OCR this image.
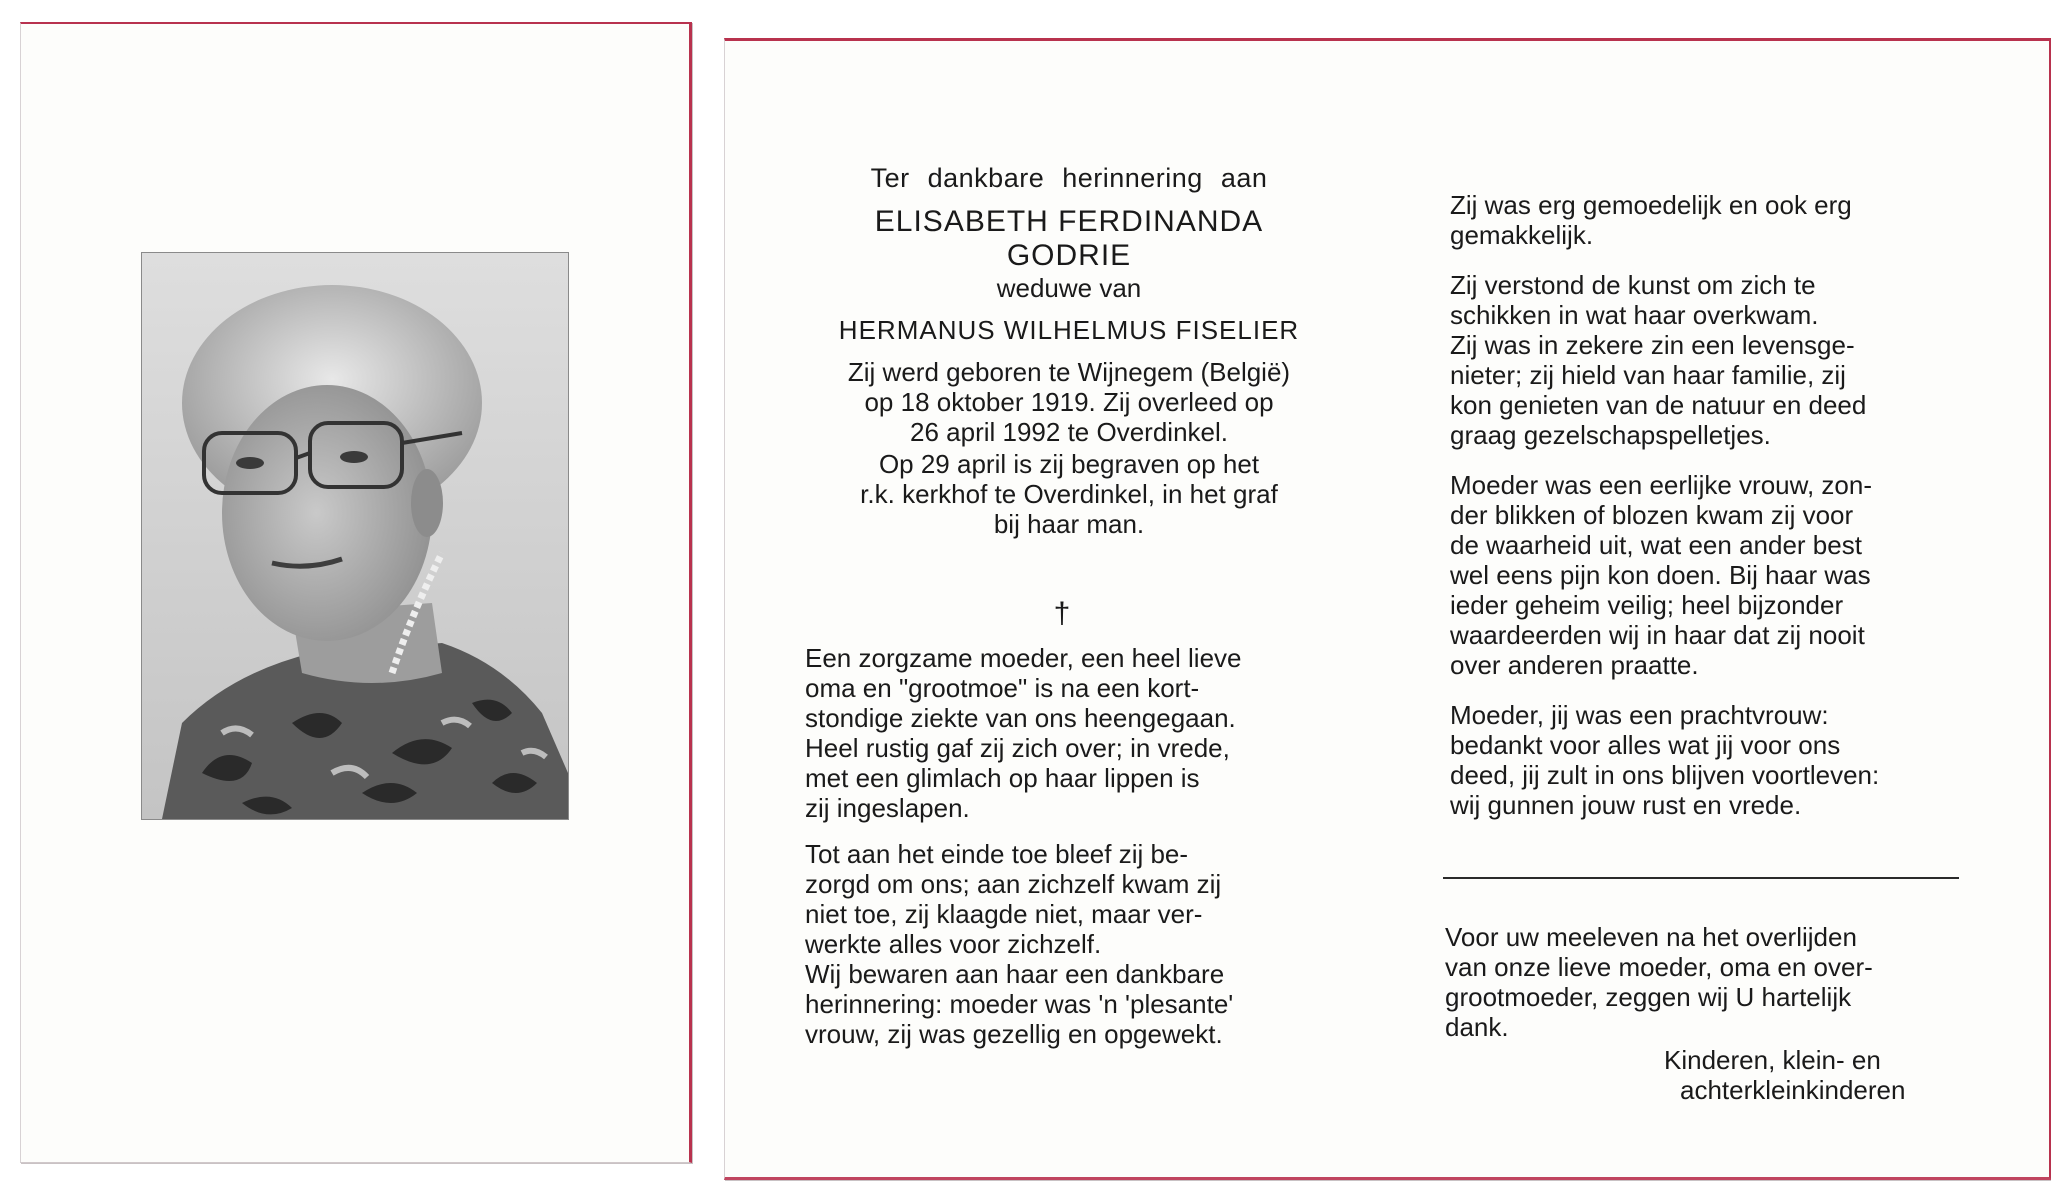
Ter dankbare herinnering aan

ELISABETH FERDINANDA

GODRIE

weduwe van

HERMANUS WILHELMUS FISELIER

Zij werd geboren te Wijnegem (België)

op 18 oktober 1919. Zij overleed op

26 april 1992 te Overdinkel.

Op 29 april is zij begraven op het

r.k. kerkhof te Overdinkel, in het graf

bij haar man.

†

Een zorgzame moeder, een heel lieve

oma en "grootmoe" is na een kort-

stondige ziekte van ons heengegaan.

Heel rustig gaf zij zich over; in vrede,

met een glimlach op haar lippen is

zij ingeslapen.

Tot aan het einde toe bleef zij be-

zorgd om ons; aan zichzelf kwam zij

niet toe, zij klaagde niet, maar ver-

werkte alles voor zichzelf.

Wij bewaren aan haar een dankbare

herinnering: moeder was 'n 'plesante'

vrouw, zij was gezellig en opgewekt.

Zij was erg gemoedelijk en ook erg

gemakkelijk.

Zij verstond de kunst om zich te

schikken in wat haar overkwam.

Zij was in zekere zin een levensge-

nieter; zij hield van haar familie, zij

kon genieten van de natuur en deed

graag gezelschapspelletjes.

Moeder was een eerlijke vrouw, zon-

der blikken of blozen kwam zij voor

de waarheid uit, wat een ander best

wel eens pijn kon doen. Bij haar was

ieder geheim veilig; heel bijzonder

waardeerden wij in haar dat zij nooit

over anderen praatte.

Moeder, jij was een prachtvrouw:

bedankt voor alles wat jij voor ons

deed, jij zult in ons blijven voortleven:

wij gunnen jouw rust en vrede.

Voor uw meeleven na het overlijden

van onze lieve moeder, oma en over-

grootmoeder, zeggen wij U hartelijk

dank.

Kinderen, klein- en

achterkleinkinderen
